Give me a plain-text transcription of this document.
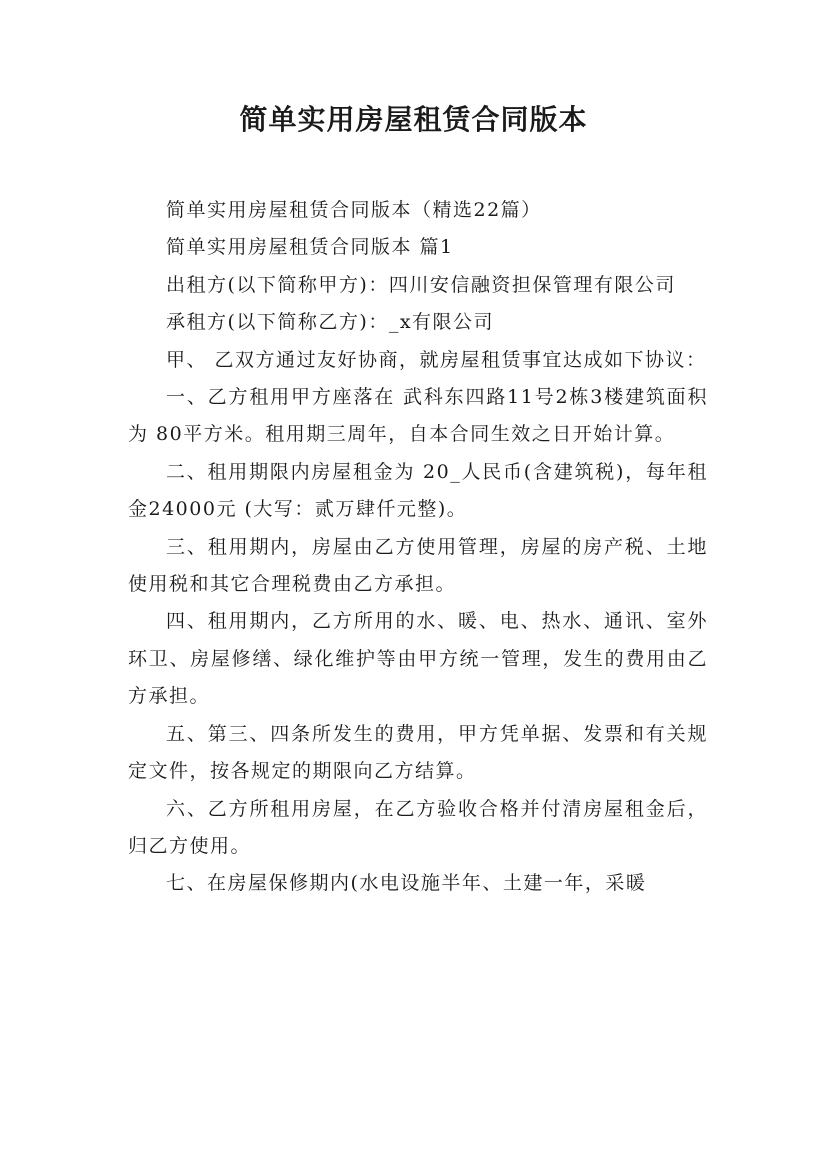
简单实用房屋租赁合同版本

简单实用房屋租赁合同版本（精选22篇）

简单实用房屋租赁合同版本 篇1

出租方(以下简称甲方)：四川安信融资担保管理有限公司

承租方(以下简称乙方)：_x有限公司

甲、 乙双方通过友好协商，就房屋租赁事宜达成如下协议：

一、乙方租用甲方座落在 武科东四路11号2栋3楼建筑面积为 80平方米。租用期三周年，自本合同生效之日开始计算。

二、租用期限内房屋租金为 20_人民币(含建筑税)，每年租金24000元 (大写：贰万肆仟元整)。

三、租用期内，房屋由乙方使用管理，房屋的房产税、土地使用税和其它合理税费由乙方承担。

四、租用期内，乙方所用的水、暖、电、热水、通讯、室外环卫、房屋修缮、绿化维护等由甲方统一管理，发生的费用由乙方承担。

五、第三、四条所发生的费用，甲方凭单据、发票和有关规定文件，按各规定的期限向乙方结算。

六、乙方所租用房屋，在乙方验收合格并付清房屋租金后，归乙方使用。

七、在房屋保修期内(水电设施半年、土建一年，采暖
